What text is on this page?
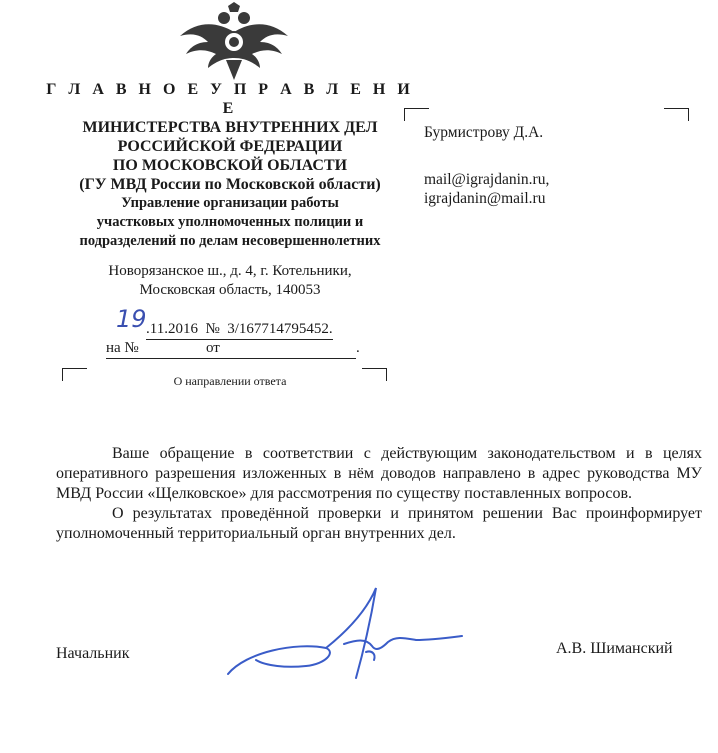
Г Л А В Н О Е У П Р А В Л Е Н И Е
МИНИСТЕРСТВА ВНУТРЕННИХ ДЕЛ
РОССИЙСКОЙ ФЕДЕРАЦИИ
ПО МОСКОВСКОЙ ОБЛАСТИ
(ГУ МВД России по Московской области)
Управление организации работы
участковых уполномоченных полиции и
подразделений по делам несовершеннолетних
Новорязанское ш., д. 4, г. Котельники,
Московская область, 140053
19 .11.2016 № 3/167714795452.
на №	от	.
О направлении ответа
Бурмистрову Д.А.
mail@igrajdanin.ru,
igrajdanin@mail.ru

Ваше обращение в соответствии с действующим законодательством и в целях оперативного разрешения изложенных в нём доводов направлено в адрес руководства МУ МВД России «Щелковское» для рассмотрения по существу поставленных вопросов.

О результатах проведённой проверки и принятом решении Вас проинформирует уполномоченный территориальный орган внутренних дел.

Начальник	А.В. Шиманский
